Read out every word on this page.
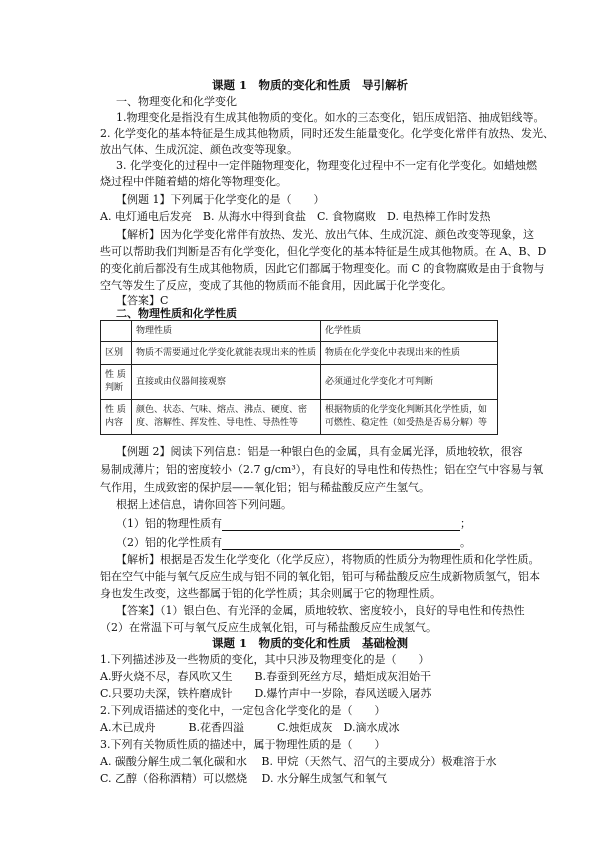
课题 1　物质的变化和性质　导引解析
一、物理变化和化学变化
1.物理变化是指没有生成其他物质的变化。如水的三态变化，铝压成铝箔、抽成铝线等。
2. 化学变化的基本特征是生成其他物质，同时还发生能量变化。化学变化常伴有放热、发光、
放出气体、生成沉淀、颜色改变等现象。
3. 化学变化的过程中一定伴随物理变化，物理变化过程中不一定有化学变化。如蜡烛燃
烧过程中伴随着蜡的熔化等物理变化。
【例题 1】下列属于化学变化的是（　　）
A. 电灯通电后发亮　B. 从海水中得到食盐　C. 食物腐败　D. 电热棒工作时发热
【解析】因为化学变化常伴有放热、发光、放出气体、生成沉淀、颜色改变等现象，这
些可以帮助我们判断是否有化学变化，但化学变化的基本特征是生成其他物质。在 A、B、D
的变化前后都没有生成其他物质，因此它们都属于物理变化。而 C 的食物腐败是由于食物与
空气等发生了反应，变成了其他的物质而不能食用，因此属于化学变化。
【答案】C
二、物理性质和化学性质
	物理性质	化学性质
区别	物质不需要通过化学变化就能表现出来的性质	物质在化学变化中表现出来的性质
性 质判断	直接或由仪器间接观察	必须通过化学变化才可判断
性 质内容	颜色、状态、气味、熔点、沸点、硬度、密度、溶解性、挥发性、导电性、导热性等	根据物质的化学变化判断其化学性质，如可燃性、稳定性（如受热是否易分解）等
【例题 2】阅读下列信息：铝是一种银白色的金属，具有金属光泽，质地较软，很容
易制成薄片；铝的密度较小（2.7 g/cm³），有良好的导电性和传热性；铝在空气中容易与氧
气作用，生成致密的保护层——氧化铝；铝与稀盐酸反应产生氢气。
根据上述信息，请你回答下列问题。
（1）铝的物理性质有	；
（2）铝的化学性质有	。
【解析】根据是否发生化学变化（化学反应），将物质的性质分为物理性质和化学性质。
铝在空气中能与氧气反应生成与铝不同的氧化铝，铝可与稀盐酸反应生成新物质氢气，铝本
身也发生改变，这些都属于铝的化学性质；其余则属于它的物理性质。
【答案】（1）银白色、有光泽的金属，质地较软、密度较小，良好的导电性和传热性
（2）在常温下可与氧气反应生成氧化铝，可与稀盐酸反应生成氢气。
课题 1　物质的变化和性质　基础检测
1.下列描述涉及一些物质的变化，其中只涉及物理变化的是（　　）
A.野火烧不尽，春风吹又生　　B.春蚕到死丝方尽，蜡炬成灰泪始干
C.只要功夫深，铁杵磨成针　　D.爆竹声中一岁除，春风送暖入屠苏
2.下列成语描述的变化中，一定包含化学变化的是（　　）
A.木已成舟　　　B.花香四溢　　　C.烛炬成灰　D.滴水成冰
3.下列有关物质性质的描述中，属于物理性质的是（　　）
A. 碳酸分解生成二氧化碳和水　 B. 甲烷（天然气、沼气的主要成分）极难溶于水
C. 乙醇（俗称酒精）可以燃烧　 D. 水分解生成氢气和氧气
